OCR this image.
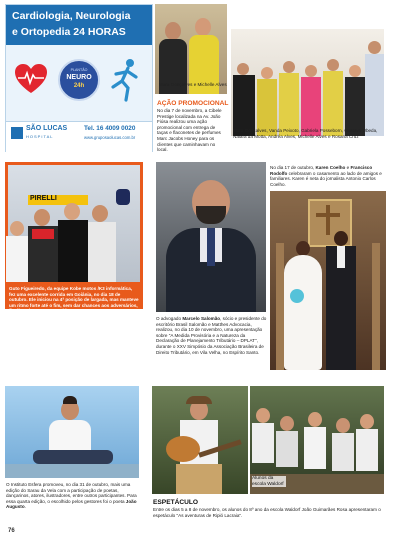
Cardiologia, Neurologia
e Ortopedia 24 HORAS
PLANTÃO
NEURO
24h
SÃO LUCAS
HOSPITAL
Tel. 16 4009 0020
www.gruposaolucas.com.br
Mara Gonçalves e Michelle Alves
AÇÃO PROMOCIONAL
No dia 7 de novembro, a Cibele Prestige localizada na Av. João Fiúsa realizou uma ação promocional com entrega de taças e flaconetes de perfumes Marc Jacobs Honey para os clientes que caminhavam no local.
Mara Gonçalves, Vanda Peixoto, Gabriela Posseborn, Gustavo Ubeda, Naiara da Motta, Andréa Alves, Michelle Alves e Rosana Cruz
No dia 17 de outubro, Karen Coelho e Francisco Rodolfo celebraram o casamento ao lado de amigos e familiares. Karen é neta do jornalista Antonio Carlos Coelho.
PIRELLI
Guto Figueiredo, da equipe Kobe motos /K3 informática, fez uma excelente corrida em Goiânia, no dia 18 de outubro. Ele iniciou na 4ª posição de largada, mas manteve um ritmo forte até o fim, sem dar chances aos adversários, finalizando a prova em 2º lugar.
O advogado Marcelo Salomão, sócio e presidente do escritório Brasil Salomão e Matthes Advocacia, realizou, no dia 10 de novembro, uma apresentação sobre "A Medida Provisória e a Natureza da Declaração de Planejamento Tributário – DPLAT", durante o XXV Simpósio da Associação Brasileira de Direito Tributário, em Vila Velha, no Espírito Santo.
O Instituto Esfera promoveu, no dia 31 de outubro, mais uma edição do Sarau da Vela com a participação de poetas, dançarinos, atores, ilustradores, entre outros participantes. Para essa quarta edição, o escolhido pelos gestores foi o poeta João Augusto.
Alunos da escola Waldorf
ESPETÁCULO
Entre os dias 5 a 8 de novembro, os alunos do 8º ano da escola Waldorf João Guimarães Rosa apresentaram o espetáculo "As aventuras de Ripió Lacraia".
76
